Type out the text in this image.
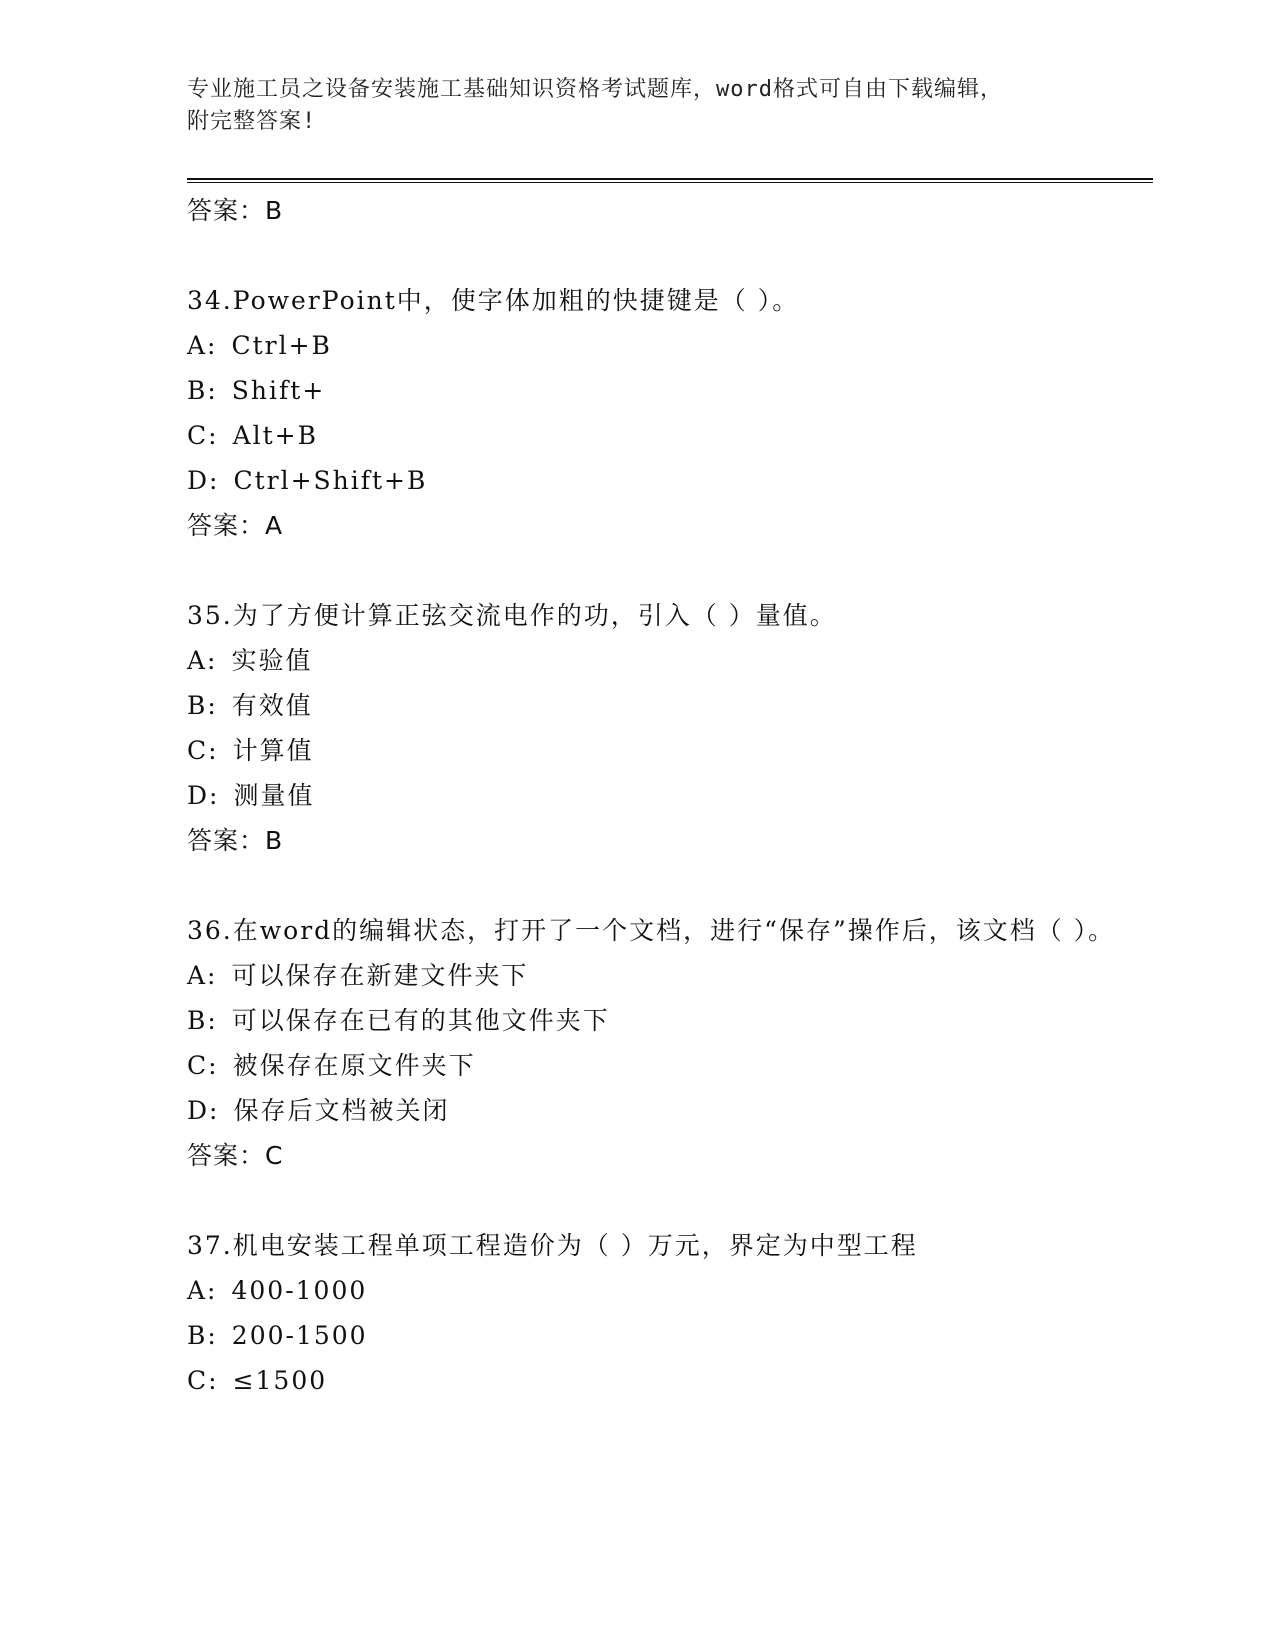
专业施工员之设备安装施工基础知识资格考试题库，word格式可自由下载编辑，
附完整答案!
答案：B
34.PowerPoint中，使字体加粗的快捷键是（ ）。
A: Ctrl+B
B: Shift+
C: Alt+B
D: Ctrl+Shift+B
答案：A
35.为了方便计算正弦交流电作的功，引入（ ）量值。
A: 实验值
B: 有效值
C: 计算值
D: 测量值
答案：B
36.在word的编辑状态，打开了一个文档，进行“保存”操作后，该文档（ ）。
A: 可以保存在新建文件夹下
B: 可以保存在已有的其他文件夹下
C: 被保存在原文件夹下
D: 保存后文档被关闭
答案：C
37.机电安装工程单项工程造价为（ ）万元，界定为中型工程
A: 400-1000
B: 200-1500
C: ≤1500
